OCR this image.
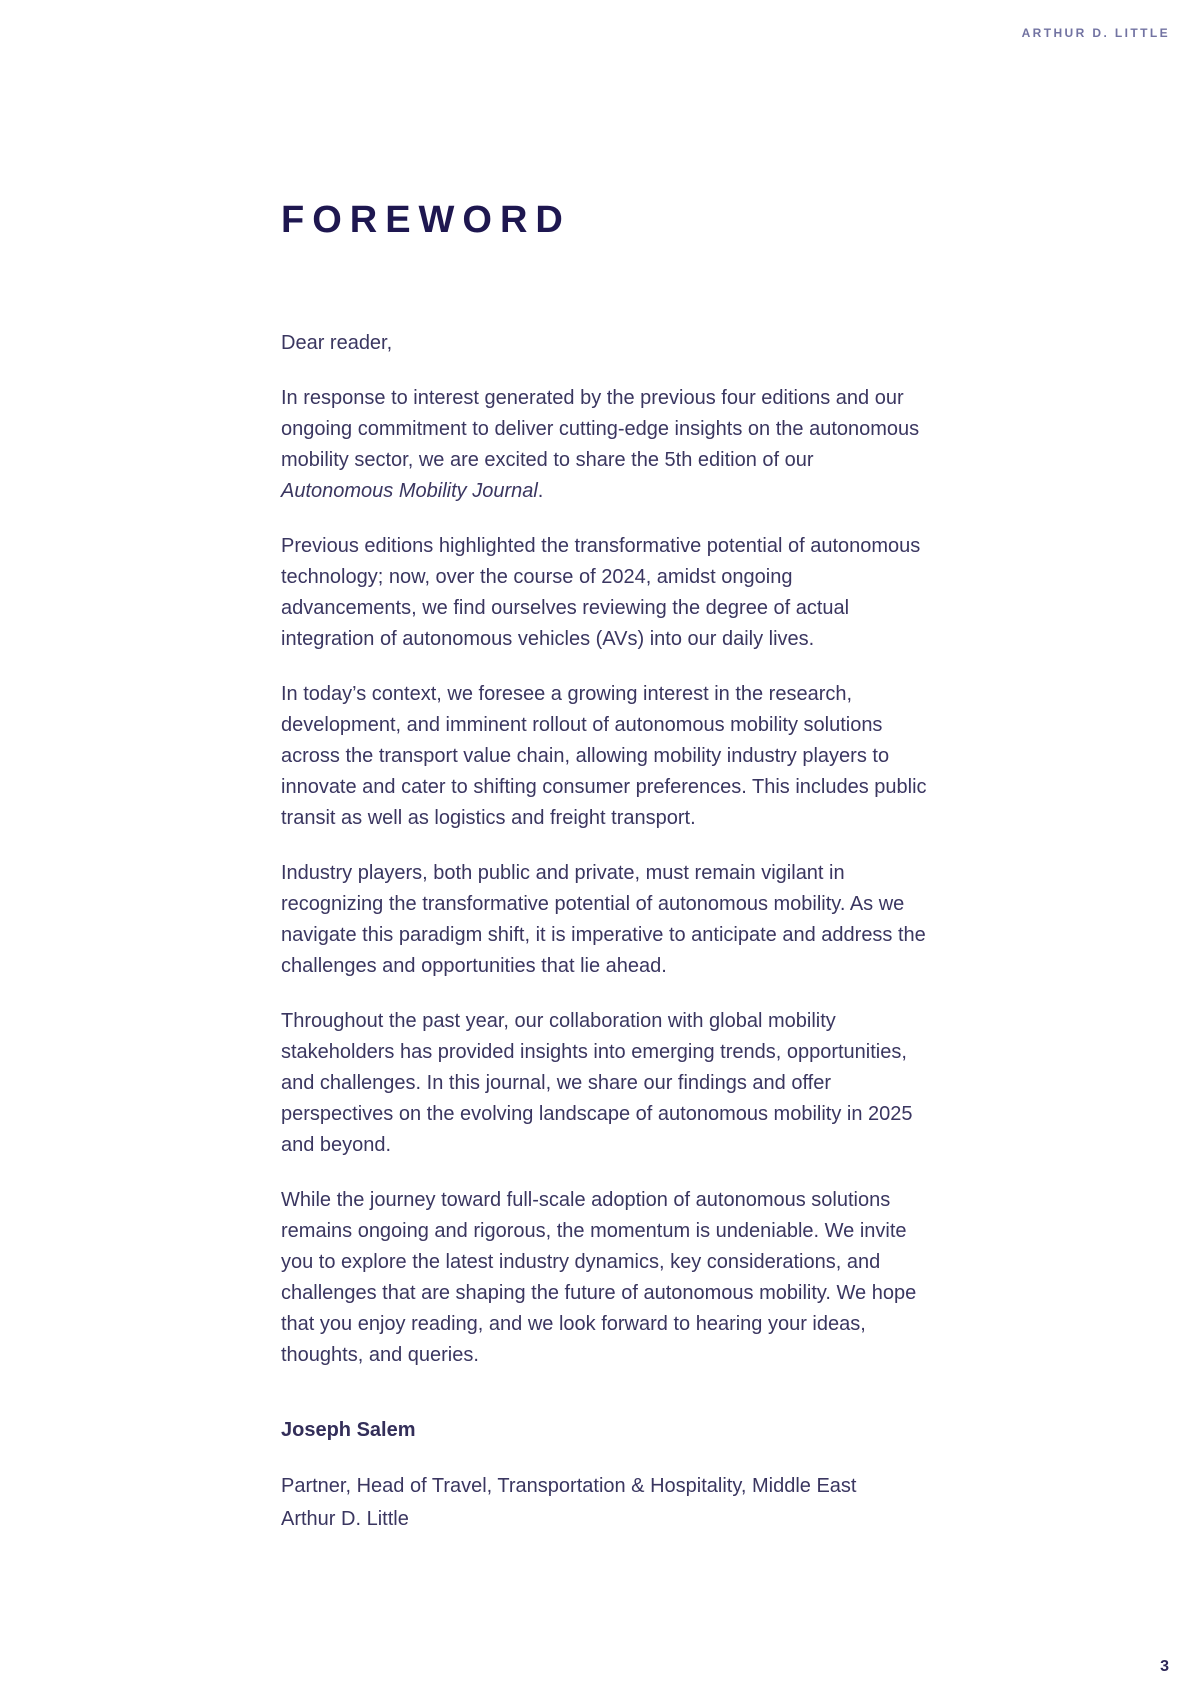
ARTHUR D. LITTLE
FOREWORD

Dear reader,

In response to interest generated by the previous four editions and our ongoing commitment to deliver cutting-edge insights on the autonomous mobility sector, we are excited to share the 5th edition of our Autonomous Mobility Journal.

Previous editions highlighted the transformative potential of autonomous technology; now, over the course of 2024, amidst ongoing advancements, we find ourselves reviewing the degree of actual integration of autonomous vehicles (AVs) into our daily lives.

In today’s context, we foresee a growing interest in the research, development, and imminent rollout of autonomous mobility solutions across the transport value chain, allowing mobility industry players to innovate and cater to shifting consumer preferences. This includes public transit as well as logistics and freight transport.

Industry players, both public and private, must remain vigilant in recognizing the transformative potential of autonomous mobility. As we navigate this paradigm shift, it is imperative to anticipate and address the challenges and opportunities that lie ahead.

Throughout the past year, our collaboration with global mobility stakeholders has provided insights into emerging trends, opportunities, and challenges. In this journal, we share our findings and offer perspectives on the evolving landscape of autonomous mobility in 2025 and beyond.

While the journey toward full-scale adoption of autonomous solutions remains ongoing and rigorous, the momentum is undeniable. We invite you to explore the latest industry dynamics, key considerations, and challenges that are shaping the future of autonomous mobility. We hope that you enjoy reading, and we look forward to hearing your ideas, thoughts, and queries.

Joseph Salem

Partner, Head of Travel, Transportation & Hospitality, Middle East
Arthur D. Little

3
